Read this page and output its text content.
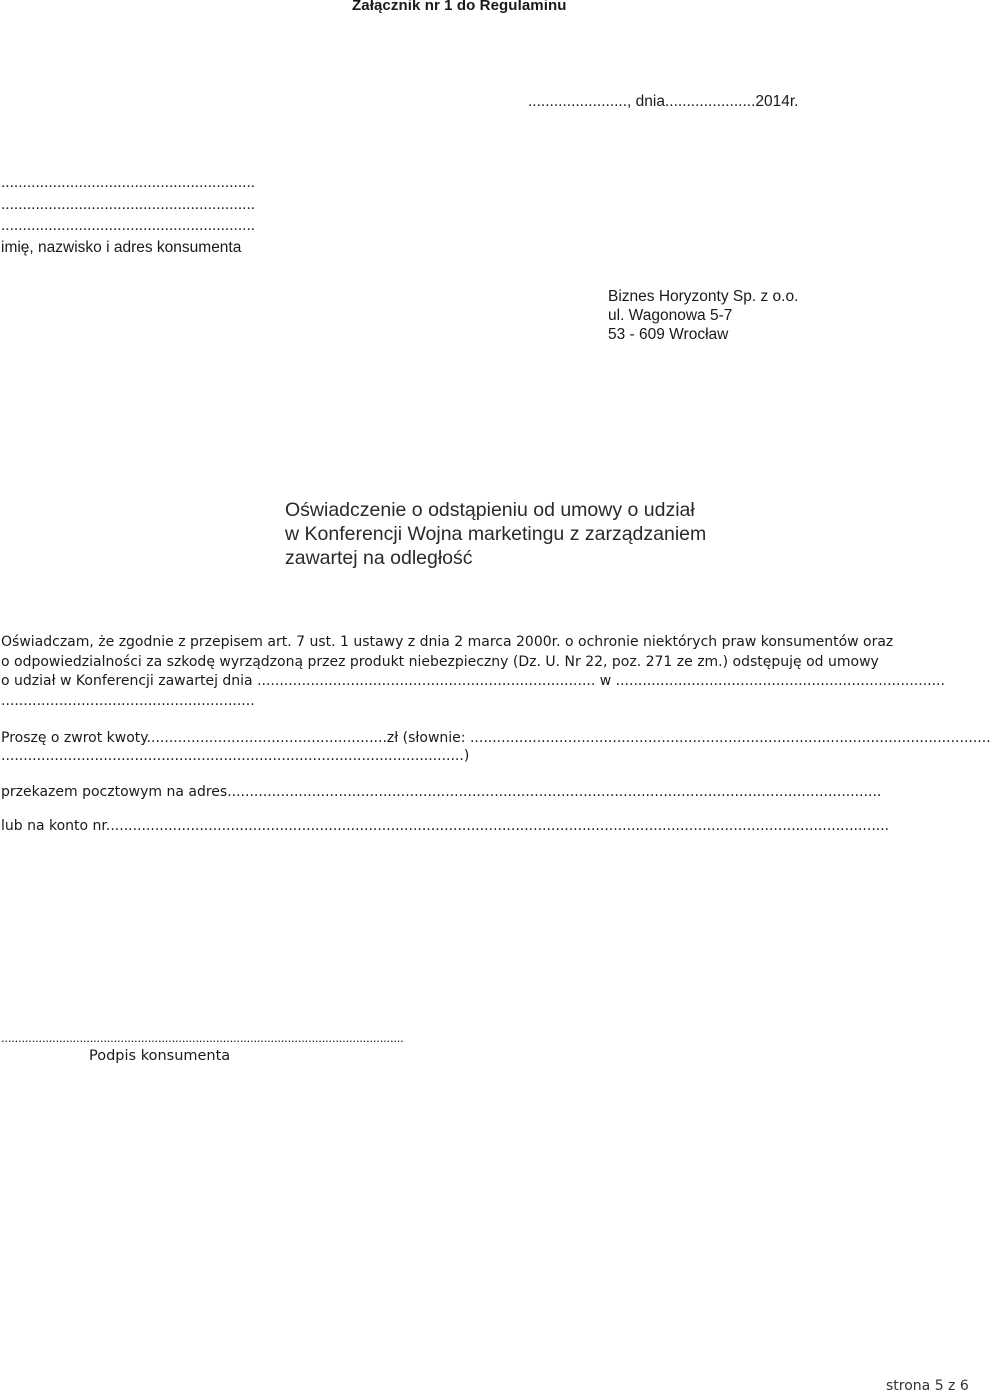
Załącznik nr 1 do Regulaminu
......................., dnia.....................2014r.
...........................................................
...........................................................
...........................................................
imię, nazwisko i adres konsumenta
Biznes Horyzonty Sp. z o.o.
ul. Wagonowa 5-7
53 - 609 Wrocław
Oświadczenie o odstąpieniu od umowy o udział
w Konferencji Wojna marketingu z zarządzaniem
zawartej na odległość
Oświadczam, że zgodnie z przepisem art. 7 ust. 1 ustawy z dnia 2 marca 2000r. o ochronie niektórych praw konsumentów oraz
o odpowiedzialności za szkodę wyrządzoną przez produkt niebezpieczny (Dz. U. Nr 22, poz. 271 ze zm.) odstępuję od umowy
o udział w Konferencji zawartej dnia ............................................................................ w ..........................................................................
.........................................................
Proszę o zwrot kwoty......................................................zł (słownie: .....................................................................................................................
........................................................................................................)
przekazem pocztowym na adres...................................................................................................................................................
lub na konto nr................................................................................................................................................................................
......................................................................................................................
Podpis konsumenta
strona 5 z 6
